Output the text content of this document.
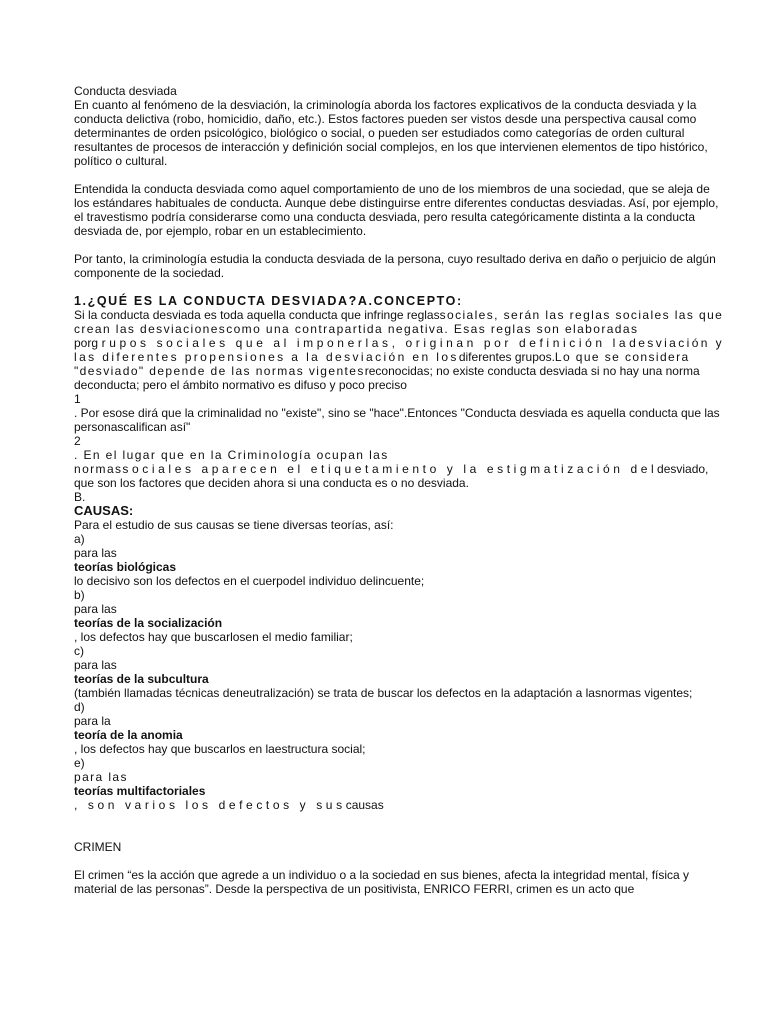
Conducta desviada

En cuanto al fenómeno de la desviación, la criminología aborda los factores explicativos de la conducta desviada y la conducta delictiva (robo, homicidio, daño, etc.). Estos factores pueden ser vistos desde una perspectiva causal como determinantes de orden psicológico, biológico o social, o pueden ser estudiados como categorías de orden cultural resultantes de procesos de interacción y definición social complejos, en los que intervienen elementos de tipo histórico, político o cultural.

Entendida la conducta desviada como aquel comportamiento de uno de los miembros de una sociedad, que se aleja de los estándares habituales de conducta. Aunque debe distinguirse entre diferentes conductas desviadas. Así, por ejemplo, el travestismo podría considerarse como una conducta desviada, pero resulta categóricamente distinta a la conducta desviada de, por ejemplo, robar en un establecimiento.

Por tanto, la criminología estudia la conducta desviada de la persona, cuyo resultado deriva en daño o perjuicio de algún componente de la sociedad.

1.¿QUÉ ES LA CONDUCTA DESVIADA?A.CONCEPTO:

Si la conducta desviada es toda aquella conducta que infringe reglassociales, serán las reglas sociales las que crean las desviacionescomo una contrapartida negativa. Esas reglas son elaboradas

porgrupos sociales que al imponerlas, originan por definición ladesviación y las diferentes propensiones a la desviación en losdiferentes grupos.Lo que se considera "desviado" depende de las normas vigentesreconocidas; no existe conducta desviada si no hay una norma deconducta; pero el ámbito normativo es difuso y poco preciso

1

. Por esose dirá que la criminalidad no "existe", sino se "hace".Entonces "Conducta desviada es aquella conducta que las personascalifican así"

2

. En el lugar que en la Criminología ocupan las

normassociales aparecen el etiquetamiento y la estigmatización del desviado, que son los factores que deciden ahora si una conducta es o no desviada.

B.

CAUSAS:

Para el estudio de sus causas se tiene diversas teorías, así:

a)

para las

teorías biológicas

lo decisivo son los defectos en el cuerpodel individuo delincuente;

b)

para las

teorías de la socialización

, los defectos hay que buscarlosen el medio familiar;

c)

para las

teorías de la subcultura

(también llamadas técnicas deneutralización) se trata de buscar los defectos en la adaptación a lasnormas vigentes;

d)

para la

teoría de la anomia

, los defectos hay que buscarlos en laestructura social;

e)

para las

teorías multifactoriales

, son varios los defectos y suscausas

CRIMEN

El crimen “es la acción que agrede a un individuo o a la sociedad en sus bienes, afecta la integridad mental, física y material de las personas”. Desde la perspectiva de un positivista, ENRICO FERRI, crimen es un acto que
